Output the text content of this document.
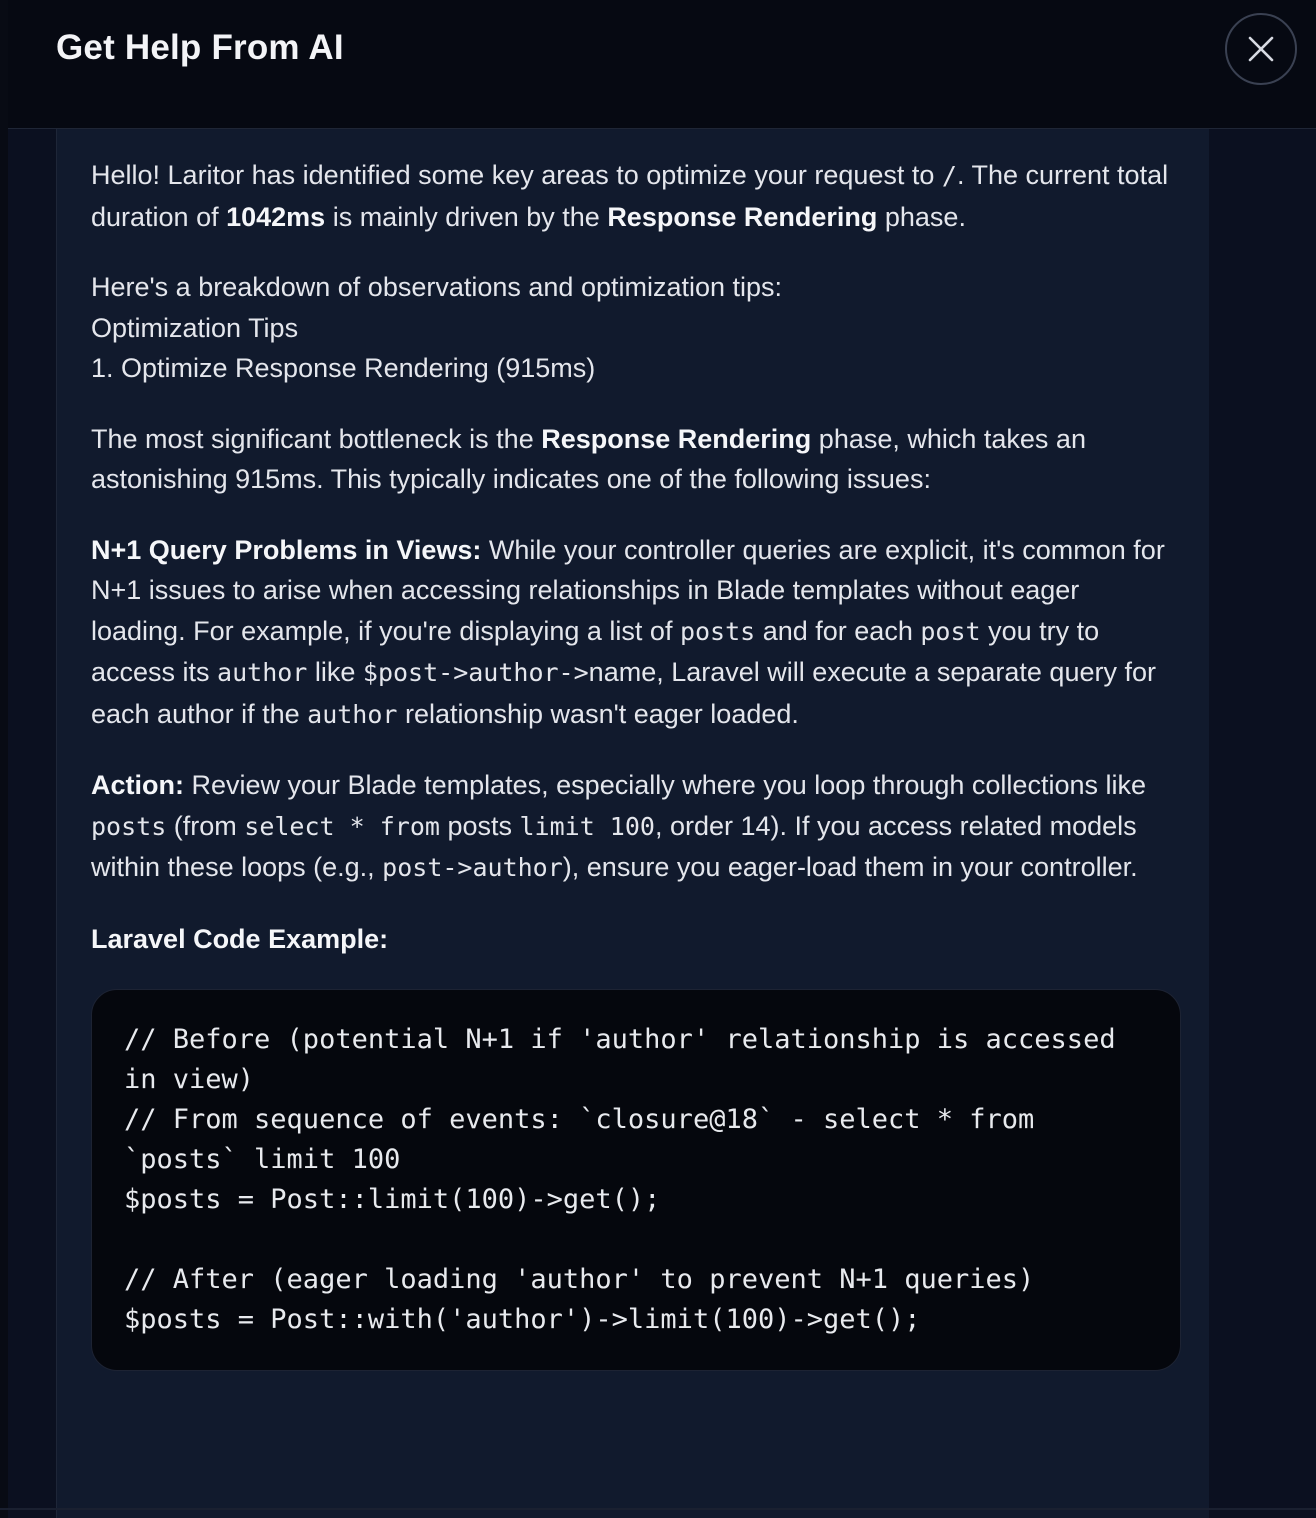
Get Help From AI

Hello! Laritor has identified some key areas to optimize your request to /. The current total duration of 1042ms is mainly driven by the Response Rendering phase.

Here's a breakdown of observations and optimization tips:
Optimization Tips
1. Optimize Response Rendering (915ms)

The most significant bottleneck is the Response Rendering phase, which takes an astonishing 915ms. This typically indicates one of the following issues:

N+1 Query Problems in Views: While your controller queries are explicit, it's common for N+1 issues to arise when accessing relationships in Blade templates without eager loading. For example, if you're displaying a list of posts and for each post you try to access its author like $post->author->name, Laravel will execute a separate query for each author if the author relationship wasn't eager loaded.

Action: Review your Blade templates, especially where you loop through collections like posts (from select * from posts limit 100, order 14). If you access related models within these loops (e.g., post->author), ensure you eager-load them in your controller.

Laravel Code Example:

// Before (potential N+1 if 'author' relationship is accessed in view)
// From sequence of events: `closure@18` - select * from `posts` limit 100
$posts = Post::limit(100)->get();
// After (eager loading 'author' to prevent N+1 queries)
$posts = Post::with('author')->limit(100)->get();
